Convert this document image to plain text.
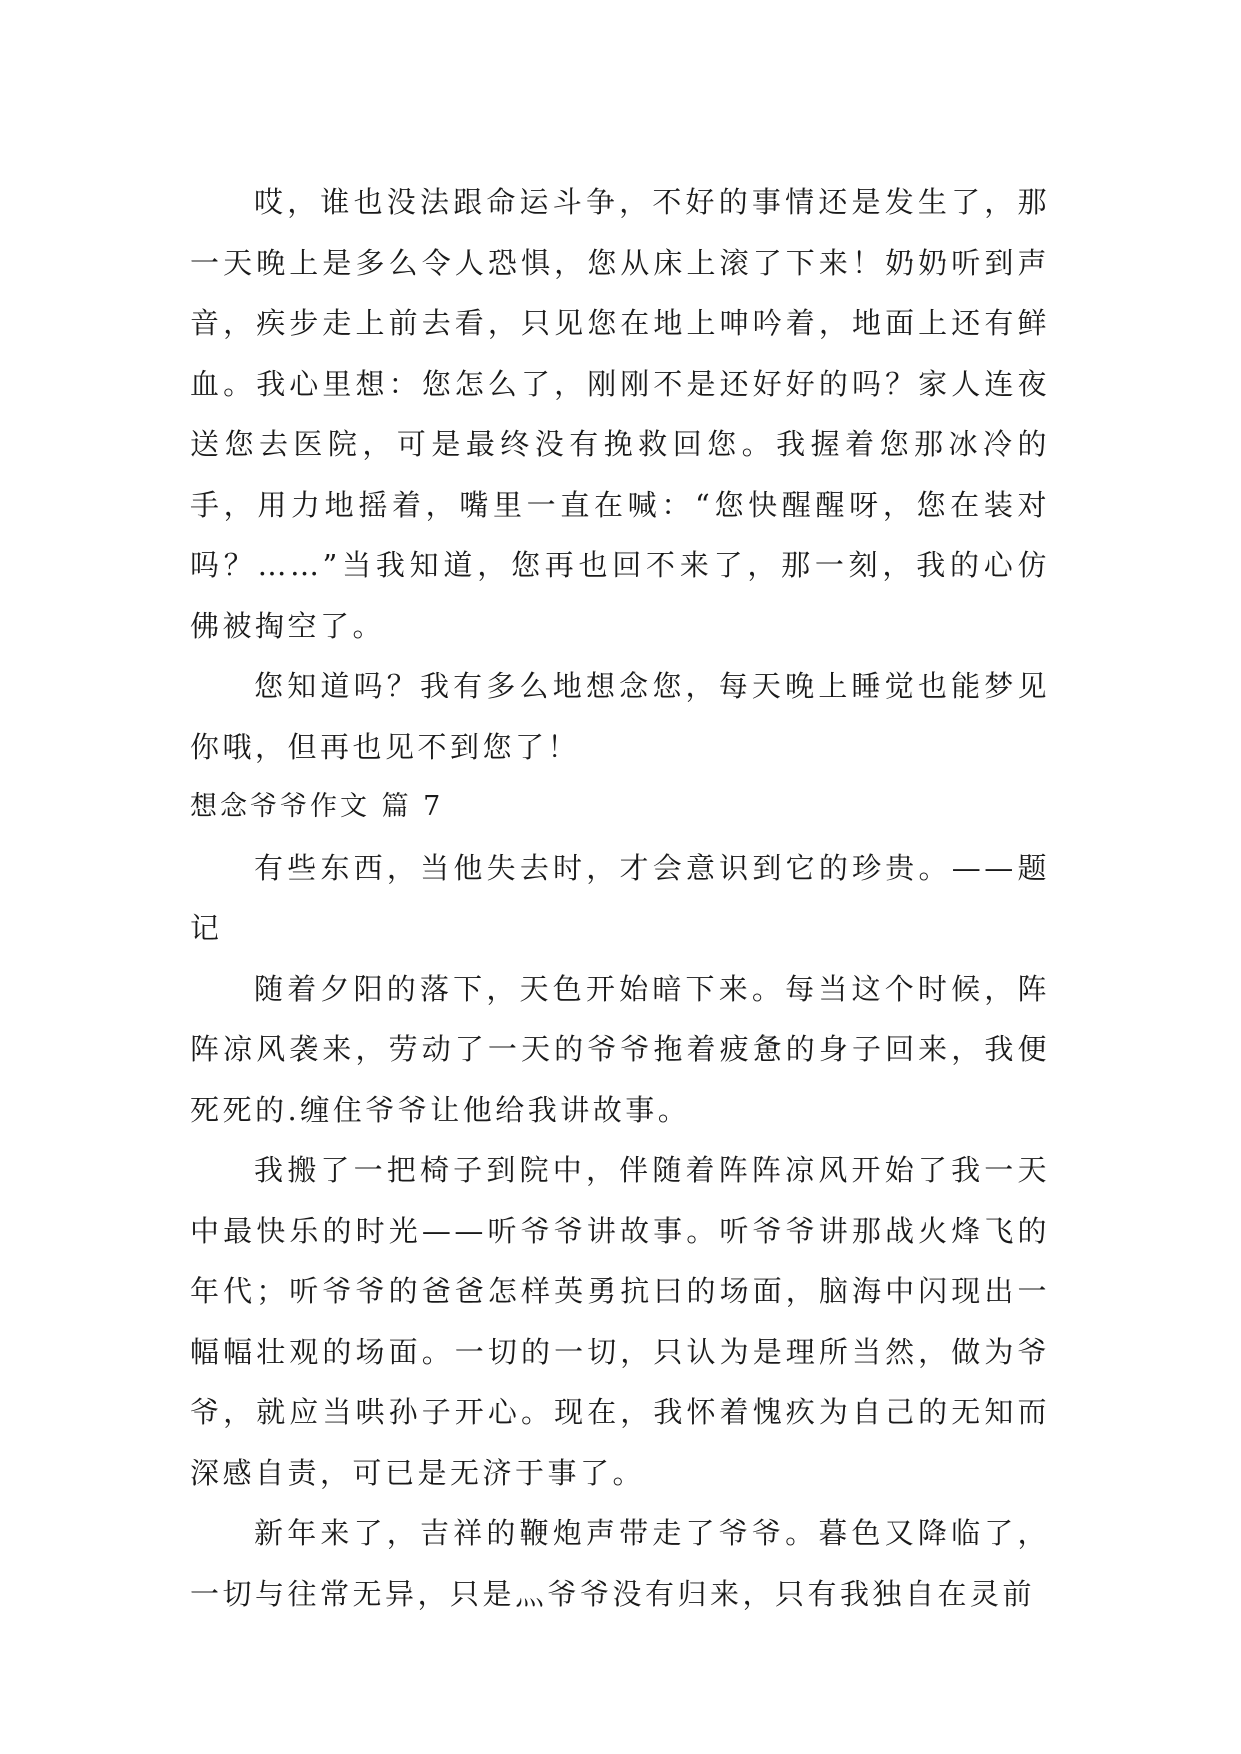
哎，谁也没法跟命运斗争，不好的事情还是发生了，那一天晚上是多么令人恐惧，您从床上滚了下来！奶奶听到声音，疾步走上前去看，只见您在地上呻吟着，地面上还有鲜血。我心里想：您怎么了，刚刚不是还好好的吗？家人连夜送您去医院，可是最终没有挽救回您。我握着您那冰冷的手，用力地摇着，嘴里一直在喊：“您快醒醒呀，您在装对吗？……”当我知道，您再也回不来了，那一刻，我的心仿佛被掏空了。

您知道吗？我有多么地想念您，每天晚上睡觉也能梦见你哦，但再也见不到您了！

想念爷爷作文 篇 7

有些东西，当他失去时，才会意识到它的珍贵。——题记

随着夕阳的落下，天色开始暗下来。每当这个时候，阵阵凉风袭来，劳动了一天的爷爷拖着疲惫的身子回来，我便死死的.缠住爷爷让他给我讲故事。

我搬了一把椅子到院中，伴随着阵阵凉风开始了我一天中最快乐的时光——听爷爷讲故事。听爷爷讲那战火烽飞的年代；听爷爷的爸爸怎样英勇抗曰的场面，脑海中闪现出一幅幅壮观的场面。一切的一切，只认为是理所当然，做为爷爷，就应当哄孙子开心。现在，我怀着愧疚为自己的无知而深感自责，可已是无济于事了。

新年来了，吉祥的鞭炮声带走了爷爷。暮色又降临了，一切与往常无异，只是灬爷爷没有归来，只有我独自在灵前
